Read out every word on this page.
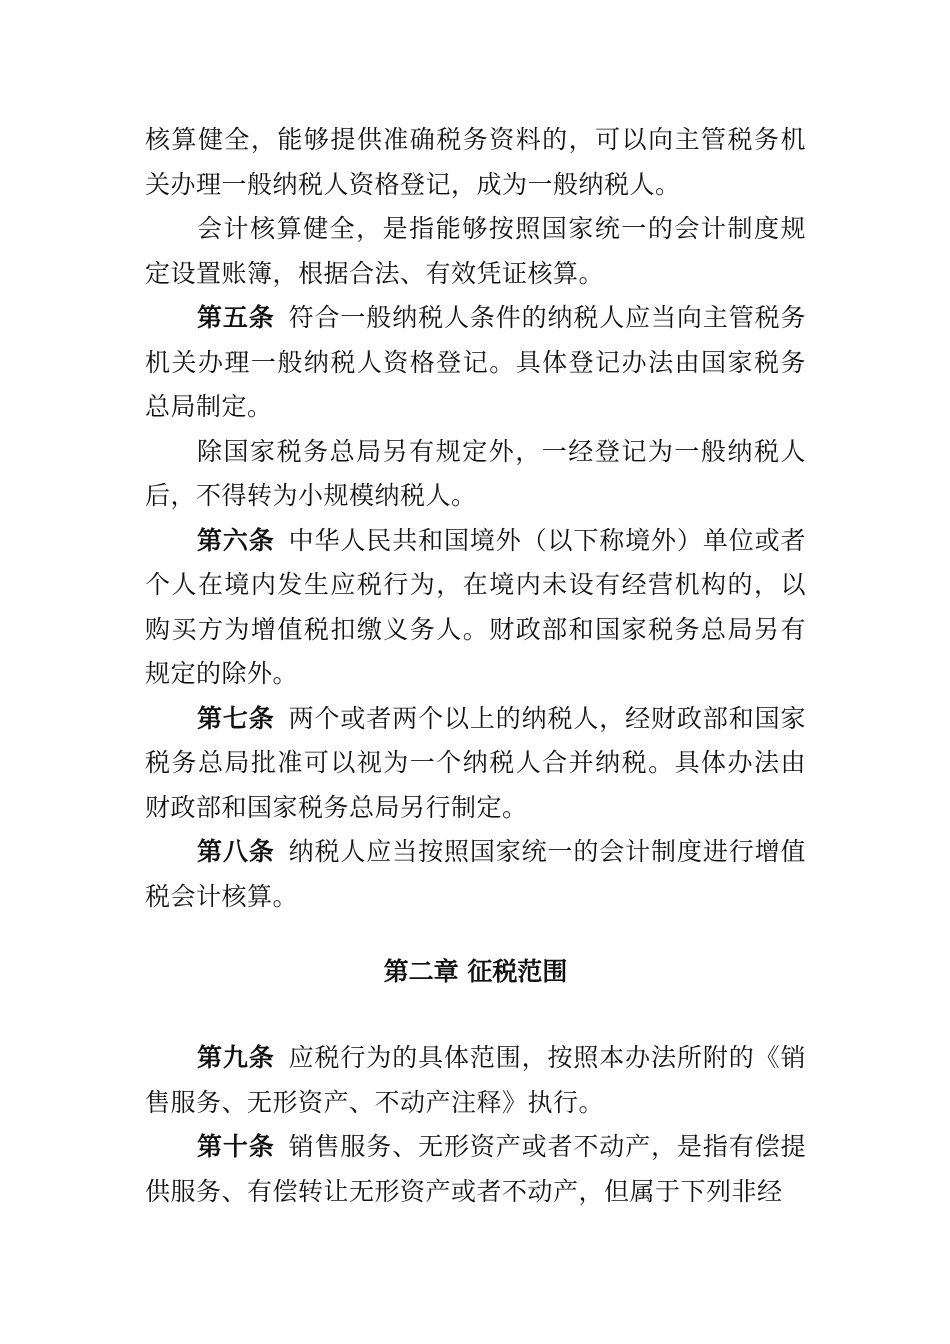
核算健全，能够提供准确税务资料的，可以向主管税务机关办理一般纳税人资格登记，成为一般纳税人。

会计核算健全，是指能够按照国家统一的会计制度规定设置账簿，根据合法、有效凭证核算。

第五条 符合一般纳税人条件的纳税人应当向主管税务机关办理一般纳税人资格登记。具体登记办法由国家税务总局制定。

除国家税务总局另有规定外，一经登记为一般纳税人后，不得转为小规模纳税人。

第六条 中华人民共和国境外（以下称境外）单位或者个人在境内发生应税行为，在境内未设有经营机构的，以购买方为增值税扣缴义务人。财政部和国家税务总局另有规定的除外。

第七条 两个或者两个以上的纳税人，经财政部和国家税务总局批准可以视为一个纳税人合并纳税。具体办法由财政部和国家税务总局另行制定。

第八条 纳税人应当按照国家统一的会计制度进行增值税会计核算。

第二章 征税范围

第九条 应税行为的具体范围，按照本办法所附的《销售服务、无形资产、不动产注释》执行。

第十条 销售服务、无形资产或者不动产，是指有偿提供服务、有偿转让无形资产或者不动产，但属于下列非经
